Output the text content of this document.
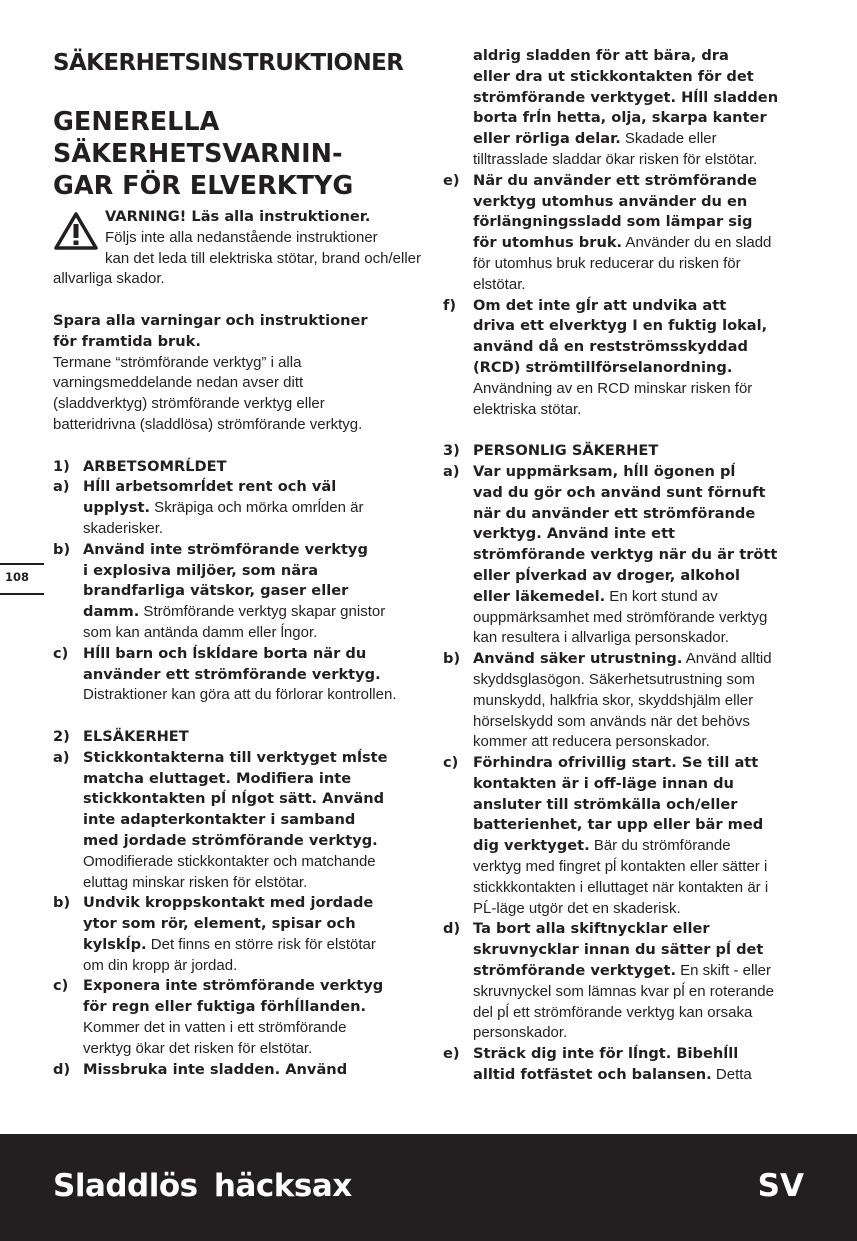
SÄKERHETSINSTRUKTIONER
GENERELLA
SÄKERHETSVARNIN-
GAR FÖR ELVERKTYG
VARNING! Läs alla instruktioner.
Följs inte alla nedanstående instruktioner
kan det leda till elektriska stötar, brand och/eller
allvarliga skador.
Spara alla varningar och instruktioner
för framtida bruk.
Termane “strömförande verktyg” i alla
varningsmeddelande nedan avser ditt
(sladdverktyg) strömförande verktyg eller
batteridrivna (sladdlösa) strömförande verktyg.
1) ARBETSOMRĹDET
a) Hĺll arbetsomrĺdet rent och väl
upplyst. Skräpiga och mörka omrĺden är
skaderisker.
b) Använd inte strömförande verktyg
i explosiva miljöer, som nära
brandfarliga vätskor, gaser eller
damm. Strömförande verktyg skapar gnistor
som kan antända damm eller ĺngor.
c)	Hĺll barn och ĺskĺdare borta när du
använder ett strömförande verktyg.
Distraktioner kan göra att du förlorar kontrollen.
2) ELSÄKERHET
a) Stickkontakterna till verktyget mĺste
matcha eluttaget. Modifiera inte
stickkontakten pĺ nĺgot sätt. Använd
inte adapterkontakter i samband
med jordade strömförande verktyg.
Omodifierade stickkontakter och matchande
eluttag minskar risken för elstötar.
b) Undvik kroppskontakt med jordade
ytor som rör, element, spisar och
kylskĺp. Det finns en större risk för elstötar
om din kropp är jordad.
c)	Exponera inte strömförande verktyg
för regn eller fuktiga förhĺllanden.
Kommer det in vatten i ett strömförande
verktyg ökar det risken för elstötar.
d) Missbruka inte sladden. Använd
aldrig sladden för att bära, dra
eller dra ut stickkontakten för det
strömförande verktyget. Hĺll sladden
borta frĺn hetta, olja, skarpa kanter
eller rörliga delar. Skadade eller
tilltrasslade sladdar ökar risken för elstötar.
e) När du använder ett strömförande
verktyg utomhus använder du en
förlängningssladd som lämpar sig
för utomhus bruk. Använder du en sladd
för utomhus bruk reducerar du risken för
elstötar.
f)	Om det inte gĺr att undvika att
driva ett elverktyg I en fuktig lokal,
använd då en restströmsskyddad
(RCD) strömtillförselanordning.
Användning av en RCD minskar risken för
elektriska stötar.
3) PERSONLIG SÄKERHET
a) Var uppmärksam, hĺll ögonen pĺ
vad du gör och använd sunt förnuft
när du använder ett strömförande
verktyg. Använd inte ett
strömförande verktyg när du är trött
eller pĺverkad av droger, alkohol
eller läkemedel. En kort stund av
ouppmärksamhet med strömförande verktyg
kan resultera i allvarliga personskador.
b) Använd säker utrustning. Använd alltid
skyddsglasögon. Säkerhetsutrustning som
munskydd, halkfria skor, skyddshjälm eller
hörselskydd som används när det behövs
kommer att reducera personskador.
c)	Förhindra ofrivillig start. Se till att
kontakten är i off-läge innan du
ansluter till strömkälla och/eller
batterienhet, tar upp eller bär med
dig verktyget. Bär du strömförande
verktyg med fingret pĺ kontakten eller sätter i
stickkkontakten i elluttaget när kontakten är i
PĹ-läge utgör det en skaderisk.
d) Ta bort alla skiftnycklar eller
skruvnycklar innan du sätter pĺ det
strömförande verktyget. En skift - eller
skruvnyckel som lämnas kvar pĺ en roterande
del pĺ ett strömförande verktyg kan orsaka
personskador.
e) Sträck dig inte för lĺngt. Bibehĺll
alltid fotfästet och balansen. Detta
108
Sladdlös häcksax	SV
